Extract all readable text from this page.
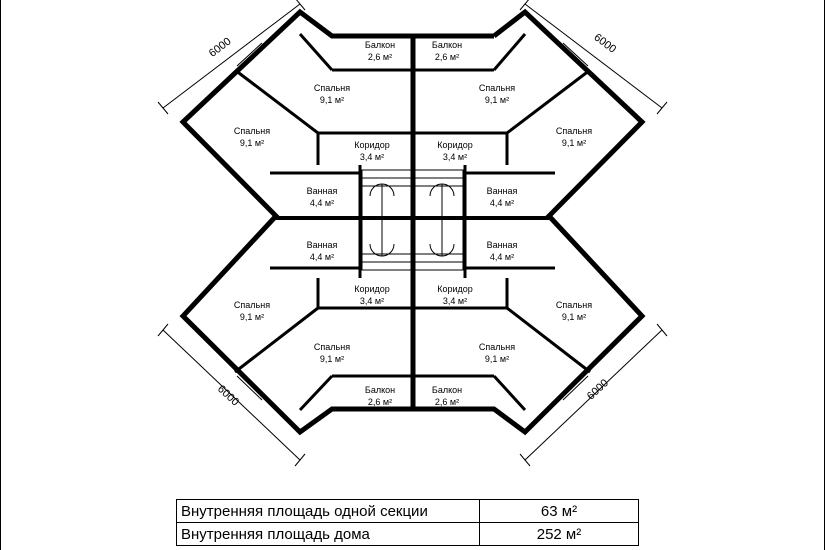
6000	6000
6000	6000
Балкон
2,6 м²
Балкон
2,6 м²
Балкон
2,6 м²
Балкон
2,6 м²
Спальня
9,1 м²
Спальня
9,1 м²
Спальня
9,1 м²
Спальня
9,1 м²
Спальня
9,1 м²
Спальня
9,1 м²
Спальня
9,1 м²
Спальня
9,1 м²
Коридор
3,4 м²
Коридор
3,4 м²
Коридор
3,4 м²
Коридор
3,4 м²
Ванная
4,4 м²
Ванная
4,4 м²
Ванная
4,4 м²
Ванная
4,4 м²
Внутренняя площадь одной секции	63 м²
Внутренняя площадь дома	252 м²
